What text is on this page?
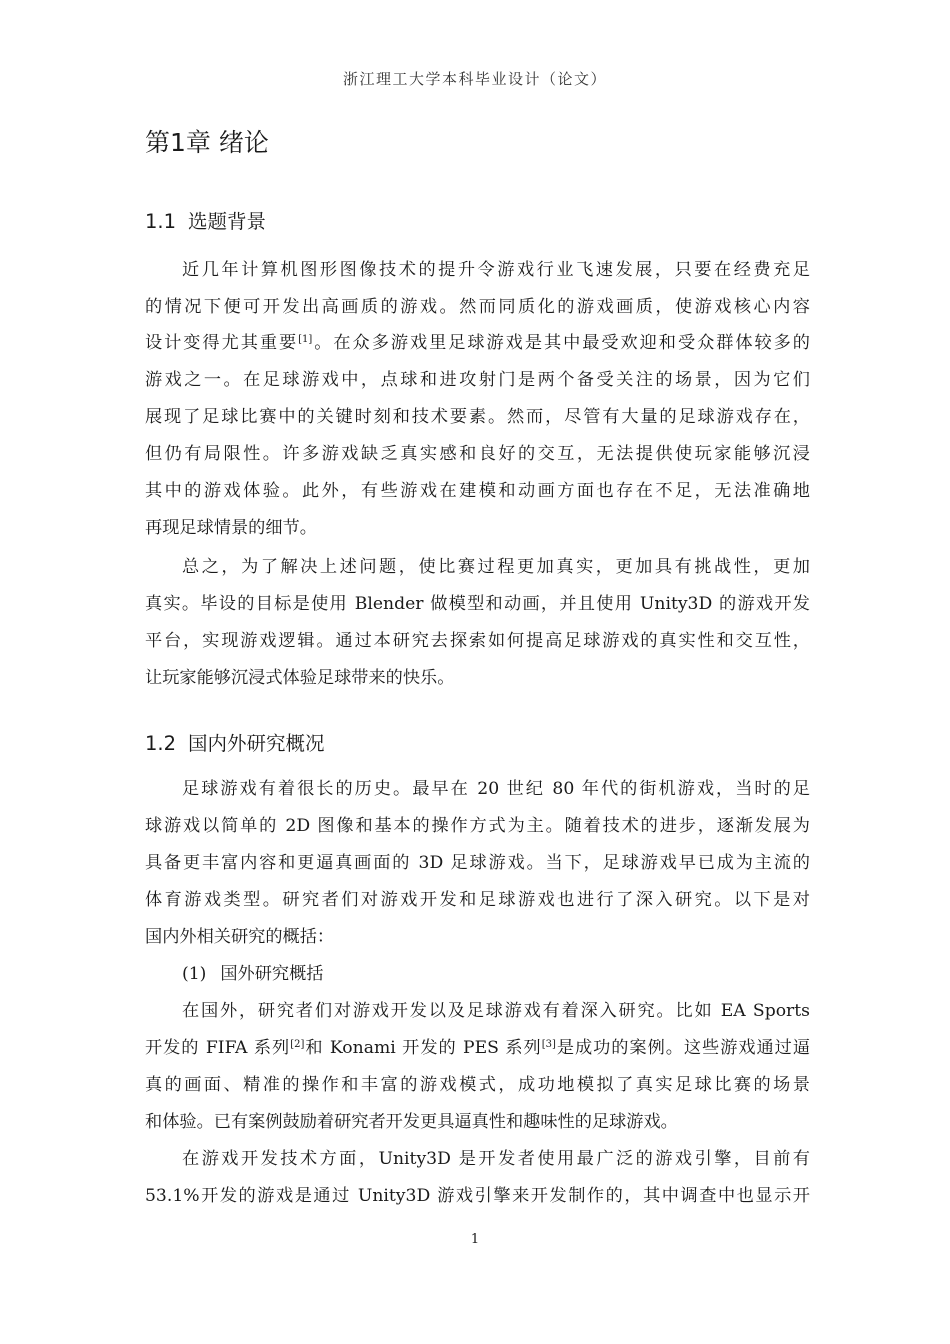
浙江理工大学本科毕业设计（论文）
第1章 绪论
1.1 选题背景
近几年计算机图形图像技术的提升令游戏行业飞速发展，只要在经费充足
的情况下便可开发出高画质的游戏。然而同质化的游戏画质，使游戏核心内容
设计变得尤其重要[1]。在众多游戏里足球游戏是其中最受欢迎和受众群体较多的
游戏之一。在足球游戏中，点球和进攻射门是两个备受关注的场景，因为它们
展现了足球比赛中的关键时刻和技术要素。然而，尽管有大量的足球游戏存在，
但仍有局限性。许多游戏缺乏真实感和良好的交互，无法提供使玩家能够沉浸
其中的游戏体验。此外，有些游戏在建模和动画方面也存在不足，无法准确地
再现足球情景的细节。
总之，为了解决上述问题，使比赛过程更加真实，更加具有挑战性，更加
真实。毕设的目标是使用 Blender 做模型和动画，并且使用 Unity3D 的游戏开发
平台，实现游戏逻辑。通过本研究去探索如何提高足球游戏的真实性和交互性，
让玩家能够沉浸式体验足球带来的快乐。
1.2 国内外研究概况
足球游戏有着很长的历史。最早在 20 世纪 80 年代的街机游戏，当时的足
球游戏以简单的 2D 图像和基本的操作方式为主。随着技术的进步，逐渐发展为
具备更丰富内容和更逼真画面的 3D 足球游戏。当下，足球游戏早已成为主流的
体育游戏类型。研究者们对游戏开发和足球游戏也进行了深入研究。以下是对
国内外相关研究的概括：
(1) 国外研究概括
在国外，研究者们对游戏开发以及足球游戏有着深入研究。比如 EA Sports
开发的 FIFA 系列[2]和 Konami 开发的 PES 系列[3]是成功的案例。这些游戏通过逼
真的画面、精准的操作和丰富的游戏模式，成功地模拟了真实足球比赛的场景
和体验。已有案例鼓励着研究者开发更具逼真性和趣味性的足球游戏。
在游戏开发技术方面，Unity3D 是开发者使用最广泛的游戏引擎，目前有
53.1%开发的游戏是通过 Unity3D 游戏引擎来开发制作的，其中调查中也显示开
1
